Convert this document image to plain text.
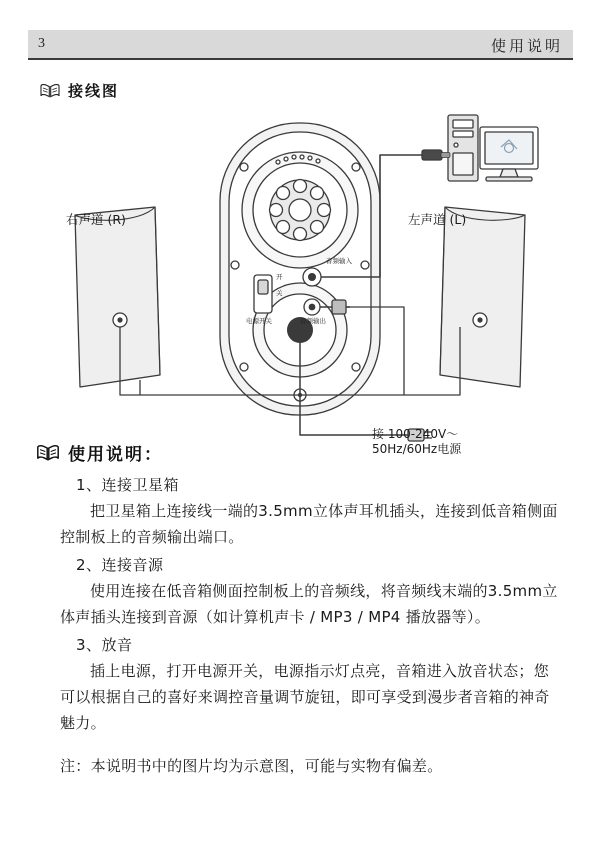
3	使用说明
接线图
右声道 (R)	左声道 (L)
接 100-240V～
50Hz/60Hz电源
音频输入
音频输出
电源开关
开
关
使用说明：
1、连接卫星箱
把卫星箱上连接线一端的3.5mm立体声耳机插头，连接到低音箱侧面控制板上的音频输出端口。
2、连接音源
使用连接在低音箱侧面控制板上的音频线，将音频线末端的3.5mm立体声插头连接到音源（如计算机声卡 / MP3 / MP4 播放器等）。
3、放音
插上电源，打开电源开关，电源指示灯点亮，音箱进入放音状态；您可以根据自己的喜好来调控音量调节旋钮，即可享受到漫步者音箱的神奇魅力。
注：本说明书中的图片均为示意图，可能与实物有偏差。
